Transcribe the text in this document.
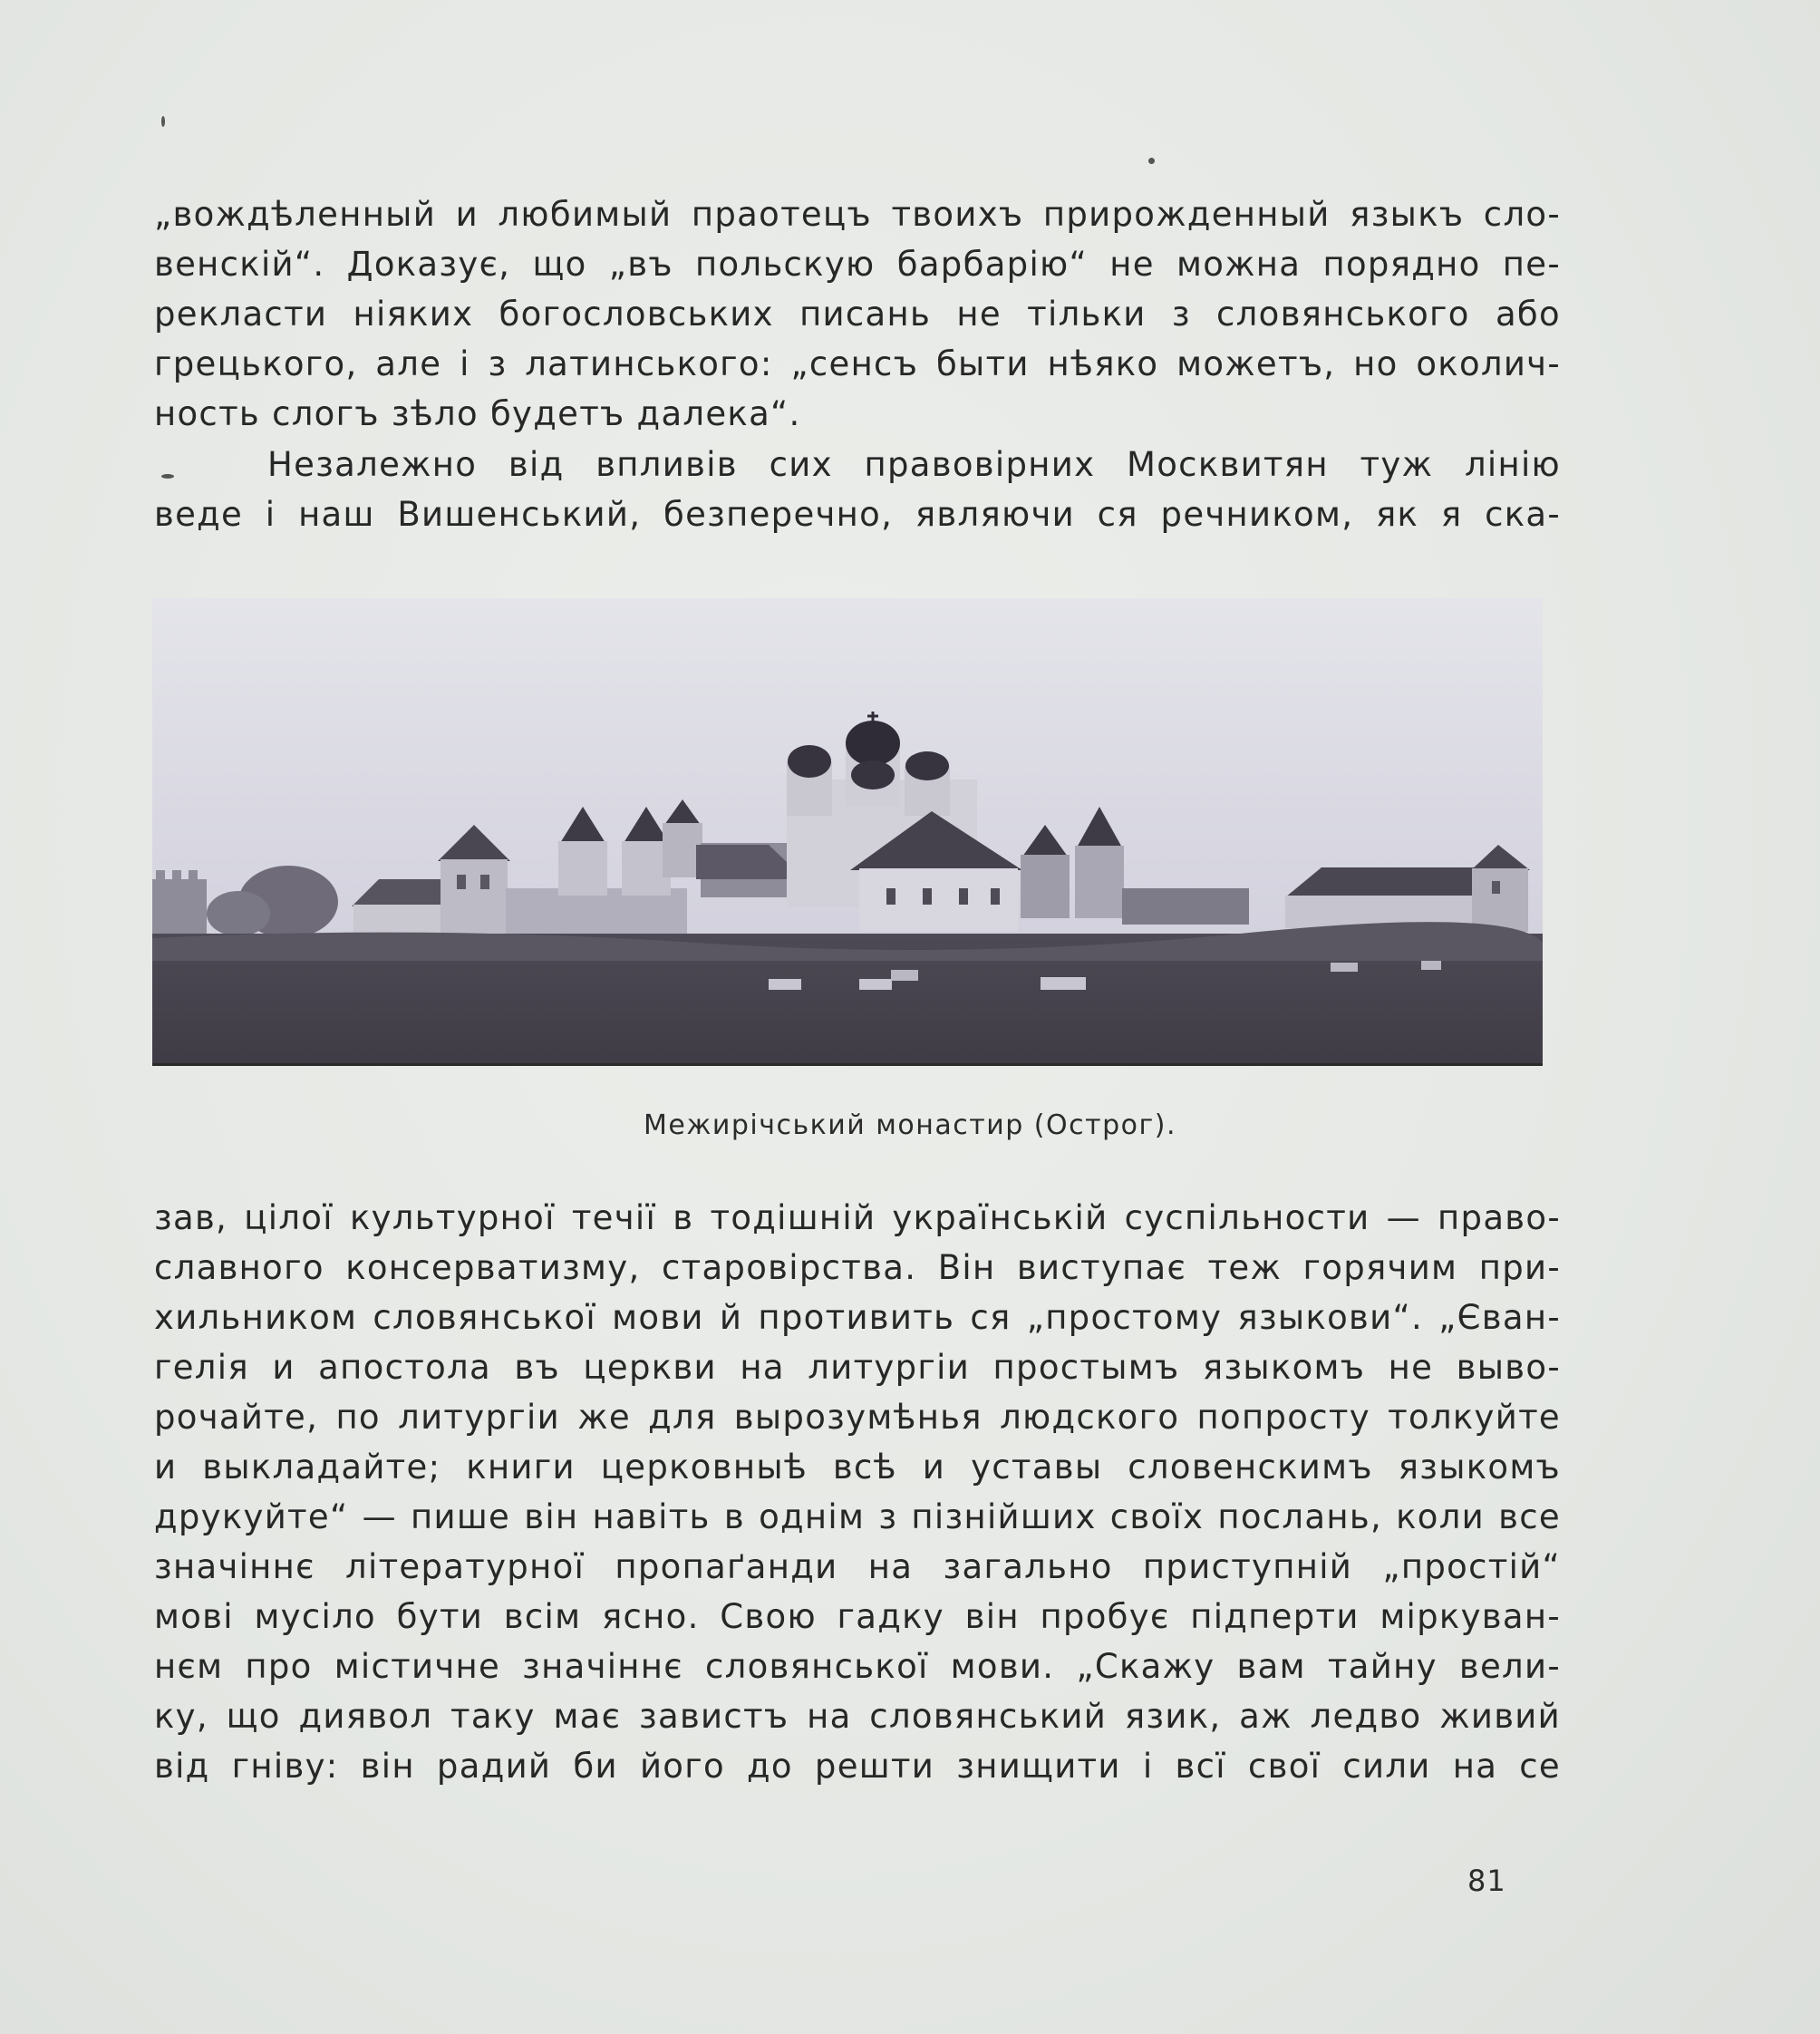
„вождѣленный и любимый праотецъ твоихъ прирожденный языкъ сло-
венскій“. Доказує, що „въ польскую барбарію“ не можна порядно пе-
рекласти ніяких богословських писань не тільки з словянського або
грецького, але і з латинського: „сенсъ быти нѣяко можетъ, но околич-
ность слогъ зѣло будетъ далека“.

Незалежно від впливів сих правовірних Москвитян туж лінію
веде і наш Вишенський, безперечно, являючи ся речником, як я ска-

Межирічський монастир (Острог).

зав, цілої культурної течії в тодішній українській суспільности — право-
славного консерватизму, старовірства. Він виступає теж горячим при-
хильником словянської мови й противить ся „простому языкови“. „Єван-
гелія и апостола въ церкви на литургіи простымъ языкомъ не выво-
рочайте, по литургіи же для вырозумѣнья людского попросту толкуйте
и выкладайте; книги церковныѣ всѣ и уставы словенскимъ языкомъ
друкуйте“ — пише він навіть в однім з пізнійших своїх послань, коли все
значіннє літературної пропаґанди на загально приступній „простій“
мові мусіло бути всім ясно. Свою гадку він пробує підперти міркуван-
нєм про містичне значіннє словянської мови. „Скажу вам тайну вели-
ку, що диявол таку має завистъ на словянський язик, аж ледво живий
від гніву: він радий би його до решти знищити і всї свої сили на се

81
